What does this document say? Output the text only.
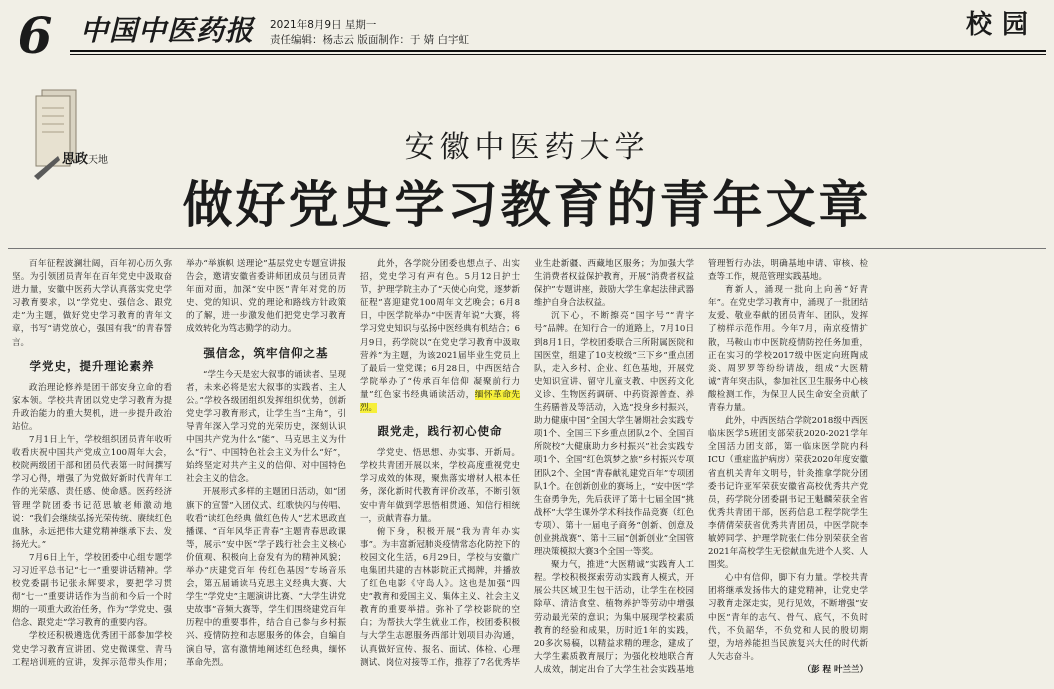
6 中国中医药报 2021年8月9日 星期一
责任编辑：杨志云 版面制作：于 婧 白宇虹	校园
思政天地	安徽中医药大学
做好党史学习教育的青年文章

百年征程波澜壮阔，百年初心历久弥坚。为引领团员青年在百年党史中汲取奋进力量，安徽中医药大学认真落实党史学习教育要求，以“学党史、强信念、跟党走”为主题，做好党史学习教育的青年文章，书写“请党放心，强国有我”的青春誓言。

学党史，提升理论素养

政治理论修养是团干部安身立命的看家本领。学校共青团以党史学习教育为提升政治能力的重大契机，进一步提升政治站位。

7月1日上午，学校组织团员青年收听收看庆祝中国共产党成立100周年大会，校院两级团干部和团员代表第一时间撰写学习心得，增强了为党做好新时代青年工作的光荣感、责任感、使命感。医药经济管理学院团委书记范思敏老师激动地说：“我们会继续弘扬光荣传统、赓续红色血脉，永远把伟大建党精神继承下去、发扬光大。”

7月6日上午，学校团委中心组专题学习习近平总书记“七一”重要讲话精神。学校党委副书记张永辉要求，要把学习贯彻“七一”重要讲话作为当前和今后一个时期的一项重大政治任务，作为“学党史、强信念、跟党走”学习教育的重要内容。

学校还积极遴选优秀团干部参加学校党史学习教育宣讲团、党史微课堂、青马工程培训班的宣讲，发挥示范带头作用；举办“举旗帜 送理论”基层党史专题宣讲报告会，邀请安徽省委讲师团成员与团员青年面对面，加深“安中医”青年对党的历史、党的知识、党的理论和路线方针政策的了解，进一步激发他们把党史学习教育成效转化为笃志勤学的动力。

强信念，筑牢信仰之基

“学生今天是宏大叙事的诵读者、呈现者，未来必将是宏大叙事的实践者、主人公。”学校各级团组织发挥组织优势，创新党史学习教育形式，让学生当“主角”，引导青年深入学习党的光荣历史，深刻认识中国共产党为什么“能”、马克思主义为什么“行”、中国特色社会主义为什么“好”，始终坚定对共产主义的信仰、对中国特色社会主义的信念。

开展形式多样的主题团日活动，如“团旗下的宣誓”入团仪式、红歌快闪与传唱、收看“读红色经典 做红色传人”艺术思政直播课、“百年风华正青春”主题青春思政课等，展示“安中医”学子践行社会主义核心价值观、积极向上奋发有为的精神风貌；举办“庆建党百年 传红色基因”专场音乐会，第五届诵读马克思主义经典大赛、大学生“学党史”主题演讲比赛、“大学生讲党史故事”音频大赛等，学生们围绕建党百年历程中的重要事件，结合自己参与乡村振兴、疫情防控和志愿服务的体会，自编自演自导，富有激情地阐述红色经典，缅怀革命先烈。

此外，各学院分团委也想点子、出实招，党史学习有声有色。5月12日护士节，护理学院主办了“天使心向党，逐梦新征程”喜迎建党100周年文艺晚会；6月8日，中医学院举办“中医青年说”大赛，将学习党史知识与弘扬中医经典有机结合；6月9日，药学院以“在党史学习教育中汲取营养”为主题，为该2021届毕业生党员上了最后一堂党课；6月28日，中西医结合学院举办了“传承百年信仰 凝聚前行力量”红色家书经典诵读活动，缅怀革命先烈。

跟党走，践行初心使命

学党史、悟思想、办实事、开新局。学校共青团开展以来，学校高度重视党史学习成效的体现，聚焦落实增材人根本任务，深化新时代教育评价改革，不断引领安中青年做到学思悟相贯通、知信行相统一，贡献青春力量。

俯下身，积极开展“我为青年办实事”。为丰富新冠肺炎疫情常态化防控下的校园文化生活，6月29日，学校与安徽广电集团共建的吉林影院正式揭牌，并播放了红色电影《守岛人》。这也是加强“四史”教育和爱国主义、集体主义、社会主义教育的重要举措。弥补了学校影院的空白；为帮扶大学生就业工作，校团委积极与大学生志愿服务西部计划项目办沟通，认真做好宣传、报名、面试、体检、心理测试、岗位对接等工作，推荐了7名优秀毕业生赴新疆、西藏地区服务；为加强大学生消费者权益保护教育，开展“消费者权益保护”专题讲座，鼓励大学生拿起法律武器维护自身合法权益。

沉下心，不断擦亮“国字号”“青字号”品牌。在知行合一的道路上，7月10日到8月1日，学校团委联合三所附属医院和国医堂，组建了10支校级“三下乡”重点团队，走入乡村、企业、红色基地，开展党史知识宣讲、留守儿童支教、中医药文化义诊、生物医药调研、中药资源普查、养生药膳普及等活动，入选“投身乡村振兴，助力健康中国”全国大学生暑期社会实践专项1个、全国三下乡重点团队2个、全国百所院校“大健康助力乡村振兴”社会实践专项1个、全国“红色筑梦之旅”乡村振兴专项团队2个、全国“青春献礼建党百年”专项团队1个。在创新创业的赛场上，“安中医”学生奋勇争先，先后获评了第十七届全国“挑战杯”大学生课外学术科技作品竞赛（红色专项）、第十一届电子商务“创新、创意及创业挑战赛”、第十三届“创新创业”全国管理决策模拟大赛3个全国一等奖。

聚力气，推进“大医精诚”实践育人工程。学校积极探索劳动实践育人模式，开展公共区域卫生包干活动，让学生在校园除草、清洁食堂、植物养护等劳动中增强劳动最光荣的意识；为集中展现学校素质教育的经验和成果，历时近1年的实践，20多次易稿，以精益求精的理念，建成了大学生素质教育展厅；为强化校地联合育人成效，制定出台了大学生社会实践基地管理暂行办法，明确基地申请、审核、检查等工作，规范管理实践基地。

育新人，涌现一批向上向善“好青年”。在党史学习教育中，涌现了一批团结友爱、敬业奉献的团员青年、团队，发挥了榜样示范作用。今年7月，南京疫情扩散，马鞍山市中医院疫情防控任务加重，正在实习的学校2017级中医定向班陶成炎、周罗罗等纷纷请战，组成“大医精诚”青年突击队，参加社区卫生服务中心核酸检测工作，为保卫人民生命安全贡献了青春力量。

此外，中西医结合学院2018级中西医临床医学5班团支部荣获2020-2021学年全国活力团支部，第一临床医学院内科ICU（重症监护病房）荣获2020年度安徽省直机关青年文明号，针灸推拿学院分团委书记许亚军荣获安徽省高校优秀共产党员，药学院分团委副书记王魁麟荣获全省优秀共青团干部，医药信息工程学院学生李倩倩荣获省优秀共青团员，中医学院李敏婷同学、护理学院张仁伟分别荣获全省2021年高校学生无偿献血先进个人奖、人围奖。

心中有信仰，脚下有力量。学校共青团将继承发扬伟大的建党精神，让党史学习教育走深走实，见行见效，不断增强“安中医”青年的志气、骨气、底气，不负时代，不负韶华，不负党和人民的殷切期望，为培养能担当民族复兴大任的时代新人矢志奋斗。

（彭 程 叶兰兰）
